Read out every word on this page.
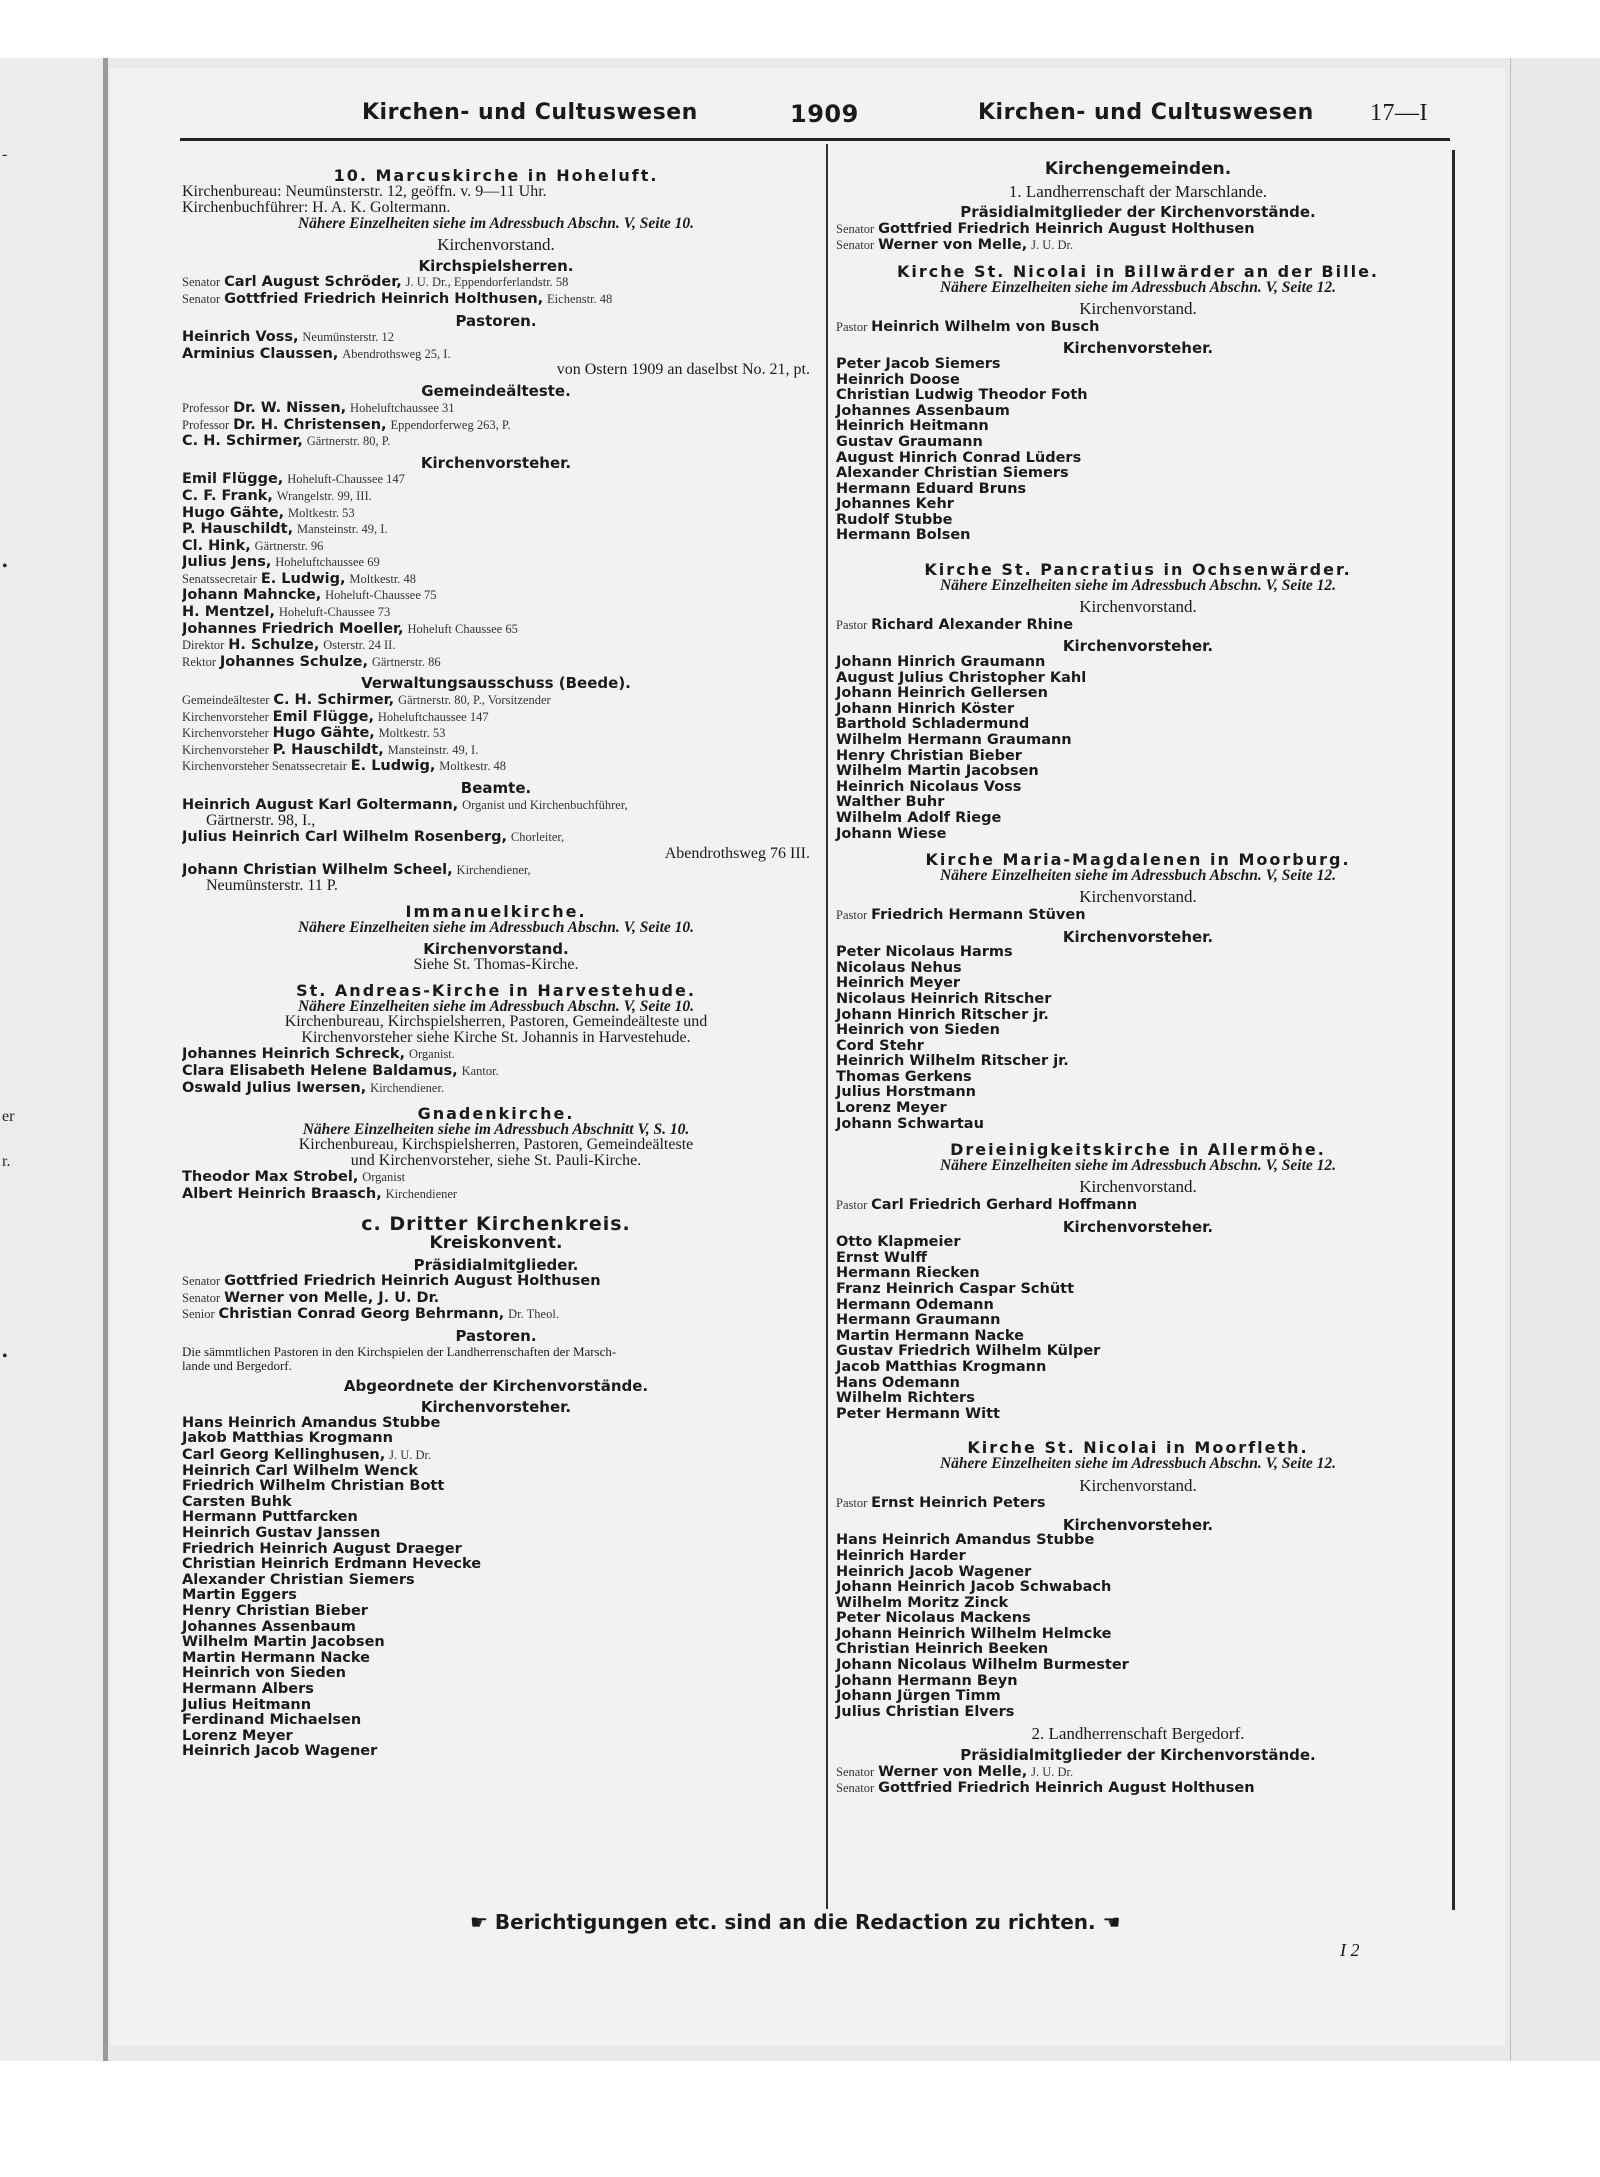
-
•
er
r.
•
Kirchen- und Cultuswesen	1909	Kirchen- und Cultuswesen 17—I
10. Marcuskirche in Hoheluft.
Kirchenbureau: Neumünsterstr. 12, geöffn. v. 9—11 Uhr.
Kirchenbuchführer: H. A. K. Goltermann.
Nähere Einzelheiten siehe im Adressbuch Abschn. V, Seite 10.
Kirchenvorstand.
Kirchspielsherren.
Senator Carl August Schröder, J. U. Dr., Eppendorferlandstr. 58
Senator Gottfried Friedrich Heinrich Holthusen, Eichenstr. 48
Pastoren.
Heinrich Voss, Neumünsterstr. 12
Arminius Claussen, Abendrothsweg 25, I.
von Ostern 1909 an daselbst No. 21, pt.
Gemeindeälteste.
Professor Dr. W. Nissen, Hoheluftchaussee 31
Professor Dr. H. Christensen, Eppendorferweg 263, P.
C. H. Schirmer, Gärtnerstr. 80, P.
Kirchenvorsteher.
Emil Flügge, Hoheluft-Chaussee 147
C. F. Frank, Wrangelstr. 99, III.
Hugo Gähte, Moltkestr. 53
P. Hauschildt, Mansteinstr. 49, I.
Cl. Hink, Gärtnerstr. 96
Julius Jens, Hoheluftchaussee 69
Senatssecretair E. Ludwig, Moltkestr. 48
Johann Mahncke, Hoheluft-Chaussee 75
H. Mentzel, Hoheluft-Chaussee 73
Johannes Friedrich Moeller, Hoheluft Chaussee 65
Direktor H. Schulze, Osterstr. 24 II.
Rektor Johannes Schulze, Gärtnerstr. 86
Verwaltungsausschuss (Beede).
Gemeindeältester C. H. Schirmer, Gärtnerstr. 80, P., Vorsitzender
Kirchenvorsteher Emil Flügge, Hoheluftchaussee 147
Kirchenvorsteher Hugo Gähte, Moltkestr. 53
Kirchenvorsteher P. Hauschildt, Mansteinstr. 49, I.
Kirchenvorsteher Senatssecretair E. Ludwig, Moltkestr. 48
Beamte.
Heinrich August Karl Goltermann, Organist und Kirchenbuchführer,
Gärtnerstr. 98, I.,
Julius Heinrich Carl Wilhelm Rosenberg, Chorleiter,
Abendrothsweg 76 III.
Johann Christian Wilhelm Scheel, Kirchendiener,
Neumünsterstr. 11 P.
Immanuelkirche.
Nähere Einzelheiten siehe im Adressbuch Abschn. V, Seite 10.
Kirchenvorstand.
Siehe St. Thomas-Kirche.
St. Andreas-Kirche in Harvestehude.
Nähere Einzelheiten siehe im Adressbuch Abschn. V, Seite 10.
Kirchenbureau, Kirchspielsherren, Pastoren, Gemeindeälteste und
Kirchenvorsteher siehe Kirche St. Johannis in Harvestehude.
Johannes Heinrich Schreck, Organist.
Clara Elisabeth Helene Baldamus, Kantor.
Oswald Julius Iwersen, Kirchendiener.
Gnadenkirche.
Nähere Einzelheiten siehe im Adressbuch Abschnitt V, S. 10.
Kirchenbureau, Kirchspielsherren, Pastoren, Gemeindeälteste
und Kirchenvorsteher, siehe St. Pauli-Kirche.
Theodor Max Strobel, Organist
Albert Heinrich Braasch, Kirchendiener
c. Dritter Kirchenkreis.
Kreiskonvent.
Präsidialmitglieder.
Senator Gottfried Friedrich Heinrich August Holthusen
Senator Werner von Melle, J. U. Dr.
Senior Christian Conrad Georg Behrmann, Dr. Theol.
Pastoren.
Die sämmtlichen Pastoren in den Kirchspielen der Landherrenschaften der Marsch-
lande und Bergedorf.
Abgeordnete der Kirchenvorstände.
Kirchenvorsteher.
Hans Heinrich Amandus Stubbe
Jakob Matthias Krogmann
Carl Georg Kellinghusen, J. U. Dr.
Heinrich Carl Wilhelm Wenck
Friedrich Wilhelm Christian Bott
Carsten Buhk
Hermann Puttfarcken
Heinrich Gustav Janssen
Friedrich Heinrich August Draeger
Christian Heinrich Erdmann Hevecke
Alexander Christian Siemers
Martin Eggers
Henry Christian Bieber
Johannes Assenbaum
Wilhelm Martin Jacobsen
Martin Hermann Nacke
Heinrich von Sieden
Hermann Albers
Julius Heitmann
Ferdinand Michaelsen
Lorenz Meyer
Heinrich Jacob Wagener
Kirchengemeinden.
1. Landherrenschaft der Marschlande.
Präsidialmitglieder der Kirchenvorstände.
Senator Gottfried Friedrich Heinrich August Holthusen
Senator Werner von Melle, J. U. Dr.
Kirche St. Nicolai in Billwärder an der Bille.
Nähere Einzelheiten siehe im Adressbuch Abschn. V, Seite 12.
Kirchenvorstand.
Pastor Heinrich Wilhelm von Busch
Kirchenvorsteher.
Peter Jacob Siemers
Heinrich Doose
Christian Ludwig Theodor Foth
Johannes Assenbaum
Heinrich Heitmann
Gustav Graumann
August Hinrich Conrad Lüders
Alexander Christian Siemers
Hermann Eduard Bruns
Johannes Kehr
Rudolf Stubbe
Hermann Bolsen
Kirche St. Pancratius in Ochsenwärder.
Nähere Einzelheiten siehe im Adressbuch Abschn. V, Seite 12.
Kirchenvorstand.
Pastor Richard Alexander Rhine
Kirchenvorsteher.
Johann Hinrich Graumann
August Julius Christopher Kahl
Johann Heinrich Gellersen
Johann Hinrich Köster
Barthold Schladermund
Wilhelm Hermann Graumann
Henry Christian Bieber
Wilhelm Martin Jacobsen
Heinrich Nicolaus Voss
Walther Buhr
Wilhelm Adolf Riege
Johann Wiese
Kirche Maria-Magdalenen in Moorburg.
Nähere Einzelheiten siehe im Adressbuch Abschn. V, Seite 12.
Kirchenvorstand.
Pastor Friedrich Hermann Stüven
Kirchenvorsteher.
Peter Nicolaus Harms
Nicolaus Nehus
Heinrich Meyer
Nicolaus Heinrich Ritscher
Johann Hinrich Ritscher jr.
Heinrich von Sieden
Cord Stehr
Heinrich Wilhelm Ritscher jr.
Thomas Gerkens
Julius Horstmann
Lorenz Meyer
Johann Schwartau
Dreieinigkeitskirche in Allermöhe.
Nähere Einzelheiten siehe im Adressbuch Abschn. V, Seite 12.
Kirchenvorstand.
Pastor Carl Friedrich Gerhard Hoffmann
Kirchenvorsteher.
Otto Klapmeier
Ernst Wulff
Hermann Riecken
Franz Heinrich Caspar Schütt
Hermann Odemann
Hermann Graumann
Martin Hermann Nacke
Gustav Friedrich Wilhelm Külper
Jacob Matthias Krogmann
Hans Odemann
Wilhelm Richters
Peter Hermann Witt
Kirche St. Nicolai in Moorfleth.
Nähere Einzelheiten siehe im Adressbuch Abschn. V, Seite 12.
Kirchenvorstand.
Pastor Ernst Heinrich Peters
Kirchenvorsteher.
Hans Heinrich Amandus Stubbe
Heinrich Harder
Heinrich Jacob Wagener
Johann Heinrich Jacob Schwabach
Wilhelm Moritz Zinck
Peter Nicolaus Mackens
Johann Heinrich Wilhelm Helmcke
Christian Heinrich Beeken
Johann Nicolaus Wilhelm Burmester
Johann Hermann Beyn
Johann Jürgen Timm
Julius Christian Elvers
2. Landherrenschaft Bergedorf.
Präsidialmitglieder der Kirchenvorstände.
Senator Werner von Melle, J. U. Dr.
Senator Gottfried Friedrich Heinrich August Holthusen
☛ Berichtigungen etc. sind an die Redaction zu richten. ☚
I 2
